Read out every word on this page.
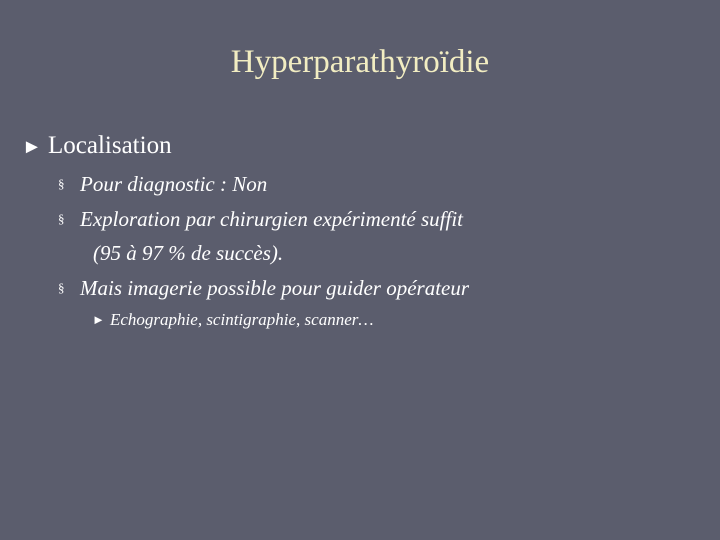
Hyperparathyroïdie
► Localisation
§ Pour diagnostic : Non
§ Exploration par chirurgien expérimenté suffit
(95 à 97 % de succès).
§ Mais imagerie possible pour guider opérateur
► Echographie, scintigraphie, scanner…
